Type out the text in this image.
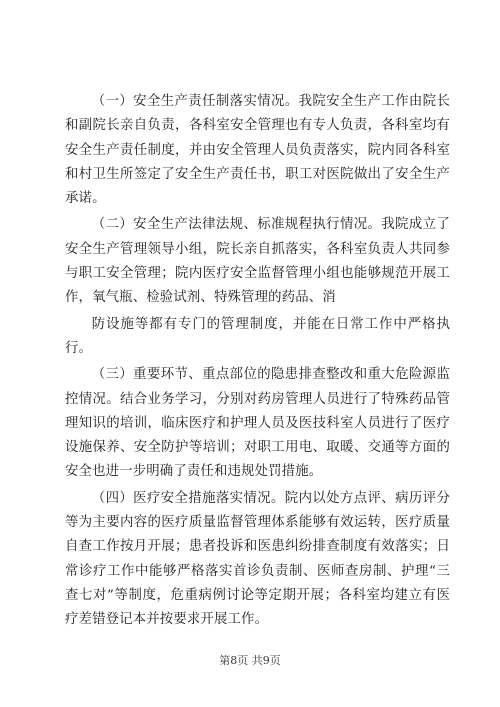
（一）安全生产责任制落实情况。我院安全生产工作由院长和副院长亲自负责，各科室安全管理也有专人负责，各科室均有安全生产责任制度，并由安全管理人员负责落实，院内同各科室和村卫生所签定了安全生产责任书，职工对医院做出了安全生产承诺。

（二）安全生产法律法规、标准规程执行情况。我院成立了安全生产管理领导小组，院长亲自抓落实，各科室负责人共同参与职工安全管理；院内医疗安全监督管理小组也能够规范开展工作，氧气瓶、检验试剂、特殊管理的药品、消

防设施等都有专门的管理制度，并能在日常工作中严格执行。

（三）重要环节、重点部位的隐患排查整改和重大危险源监控情况。结合业务学习，分别对药房管理人员进行了特殊药品管理知识的培训，临床医疗和护理人员及医技科室人员进行了医疗设施保养、安全防护等培训；对职工用电、取暖、交通等方面的安全也进一步明确了责任和违规处罚措施。

（四）医疗安全措施落实情况。院内以处方点评、病历评分等为主要内容的医疗质量监督管理体系能够有效运转，医疗质量自查工作按月开展；患者投诉和医患纠纷排查制度有效落实；日常诊疗工作中能够严格落实首诊负责制、医师查房制、护理“三查七对”等制度，危重病例讨论等定期开展；各科室均建立有医疗差错登记本并按要求开展工作。

第8页 共9页
